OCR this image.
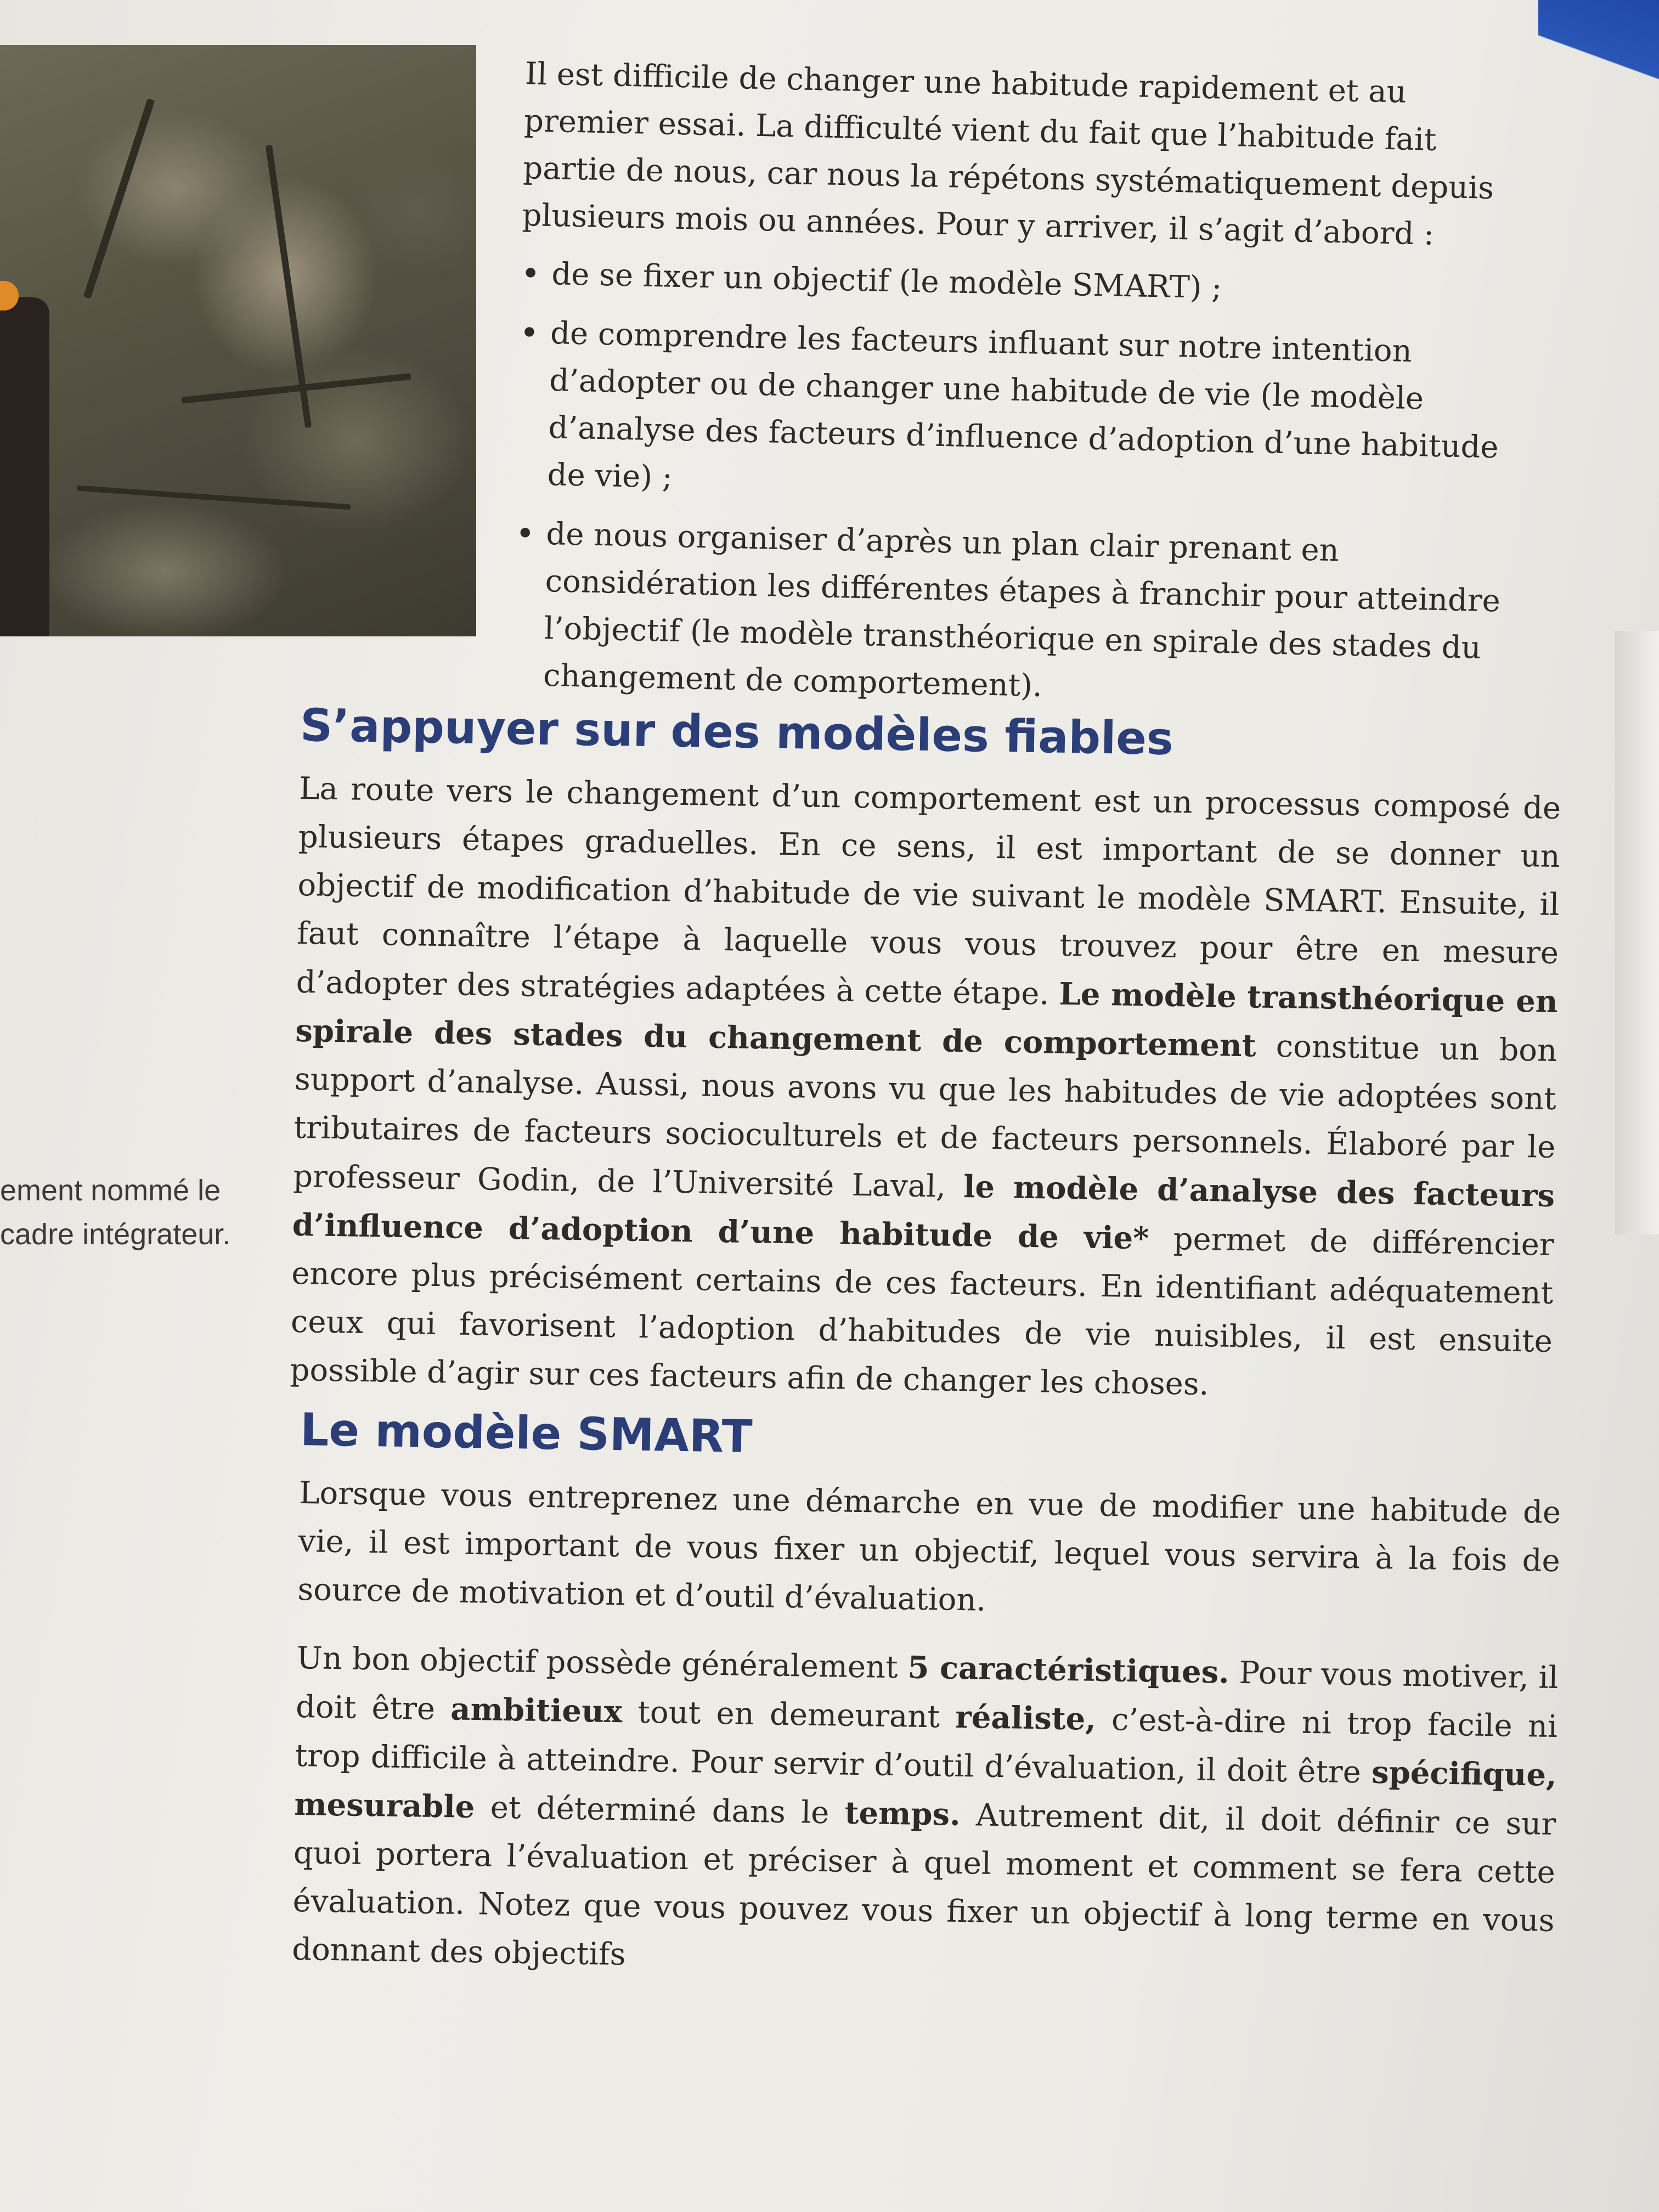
ement nommé le
cadre intégrateur.

Il est difficile de changer une habitude rapidement et au premier essai. La difficulté vient du fait que l’habitude fait partie de nous, car nous la répétons systématiquement depuis plusieurs mois ou années. Pour y arriver, il s’agit d’abord :

• de se fixer un objectif (le modèle SMART) ;
• de comprendre les facteurs influant sur notre intention d’adopter ou de changer une habitude de vie (le modèle d’analyse des facteurs d’influence d’adoption d’une habitude de vie) ;
• de nous organiser d’après un plan clair prenant en considération les différentes étapes à franchir pour atteindre l’objectif (le modèle transthéorique en spirale des stades du changement de comportement).
S’appuyer sur des modèles fiables

La route vers le changement d’un comportement est un processus composé de plusieurs étapes graduelles. En ce sens, il est important de se donner un objectif de modification d’habitude de vie suivant le modèle SMART. Ensuite, il faut connaître l’étape à laquelle vous vous trouvez pour être en mesure d’adopter des stratégies adaptées à cette étape. Le modèle transthéorique en spirale des stades du changement de comportement constitue un bon support d’analyse. Aussi, nous avons vu que les habitudes de vie adoptées sont tributaires de facteurs socioculturels et de facteurs personnels. Élaboré par le professeur Godin, de l’Université Laval, le modèle d’analyse des facteurs d’influence d’adoption d’une habitude de vie* permet de différencier encore plus précisément certains de ces facteurs. En identifiant adéquatement ceux qui favorisent l’adoption d’habitudes de vie nuisibles, il est ensuite possible d’agir sur ces facteurs afin de changer les choses.

Le modèle SMART

Lorsque vous entreprenez une démarche en vue de modifier une habitude de vie, il est important de vous fixer un objectif, lequel vous servira à la fois de source de motivation et d’outil d’évaluation.

Un bon objectif possède généralement 5 caractéristiques. Pour vous motiver, il doit être ambitieux tout en demeurant réaliste, c’est-à-dire ni trop facile ni trop difficile à atteindre. Pour servir d’outil d’évaluation, il doit être spécifique, mesurable et déterminé dans le temps. Autrement dit, il doit définir ce sur quoi portera l’évaluation et préciser à quel moment et comment se fera cette évaluation. Notez que vous pouvez vous fixer un objectif à long terme en vous donnant des objectifs
